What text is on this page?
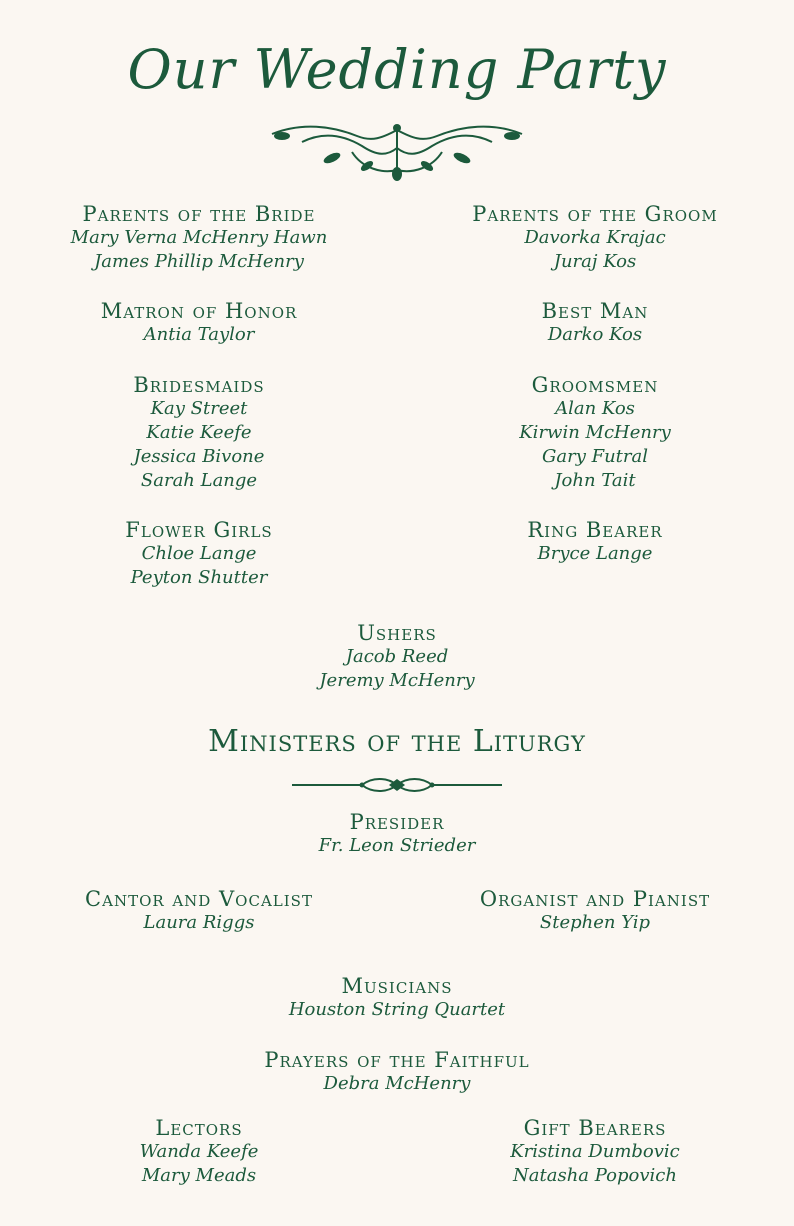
Our Wedding Party
Parents of the Bride
Mary Verna McHenry Hawn
James Phillip McHenry
Parents of the Groom
Davorka Krajac
Juraj Kos
Matron of Honor
Antia Taylor
Best Man
Darko Kos
Bridesmaids
Kay Street
Katie Keefe
Jessica Bivone
Sarah Lange
Groomsmen
Alan Kos
Kirwin McHenry
Gary Futral
John Tait
Flower Girls
Chloe Lange
Peyton Shutter
Ring Bearer
Bryce Lange
Ushers
Jacob Reed
Jeremy McHenry
Ministers of the Liturgy
Presider
Fr. Leon Strieder
Cantor and Vocalist
Laura Riggs
Organist and Pianist
Stephen Yip
Musicians
Houston String Quartet
Prayers of the Faithful
Debra McHenry
Lectors
Wanda Keefe
Mary Meads
Gift Bearers
Kristina Dumbovic
Natasha Popovich
